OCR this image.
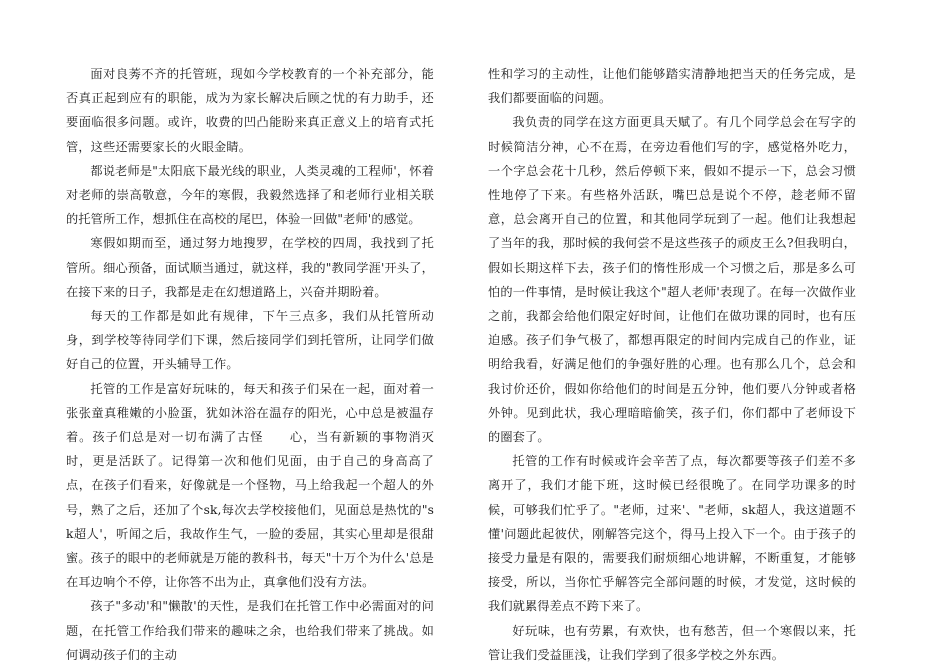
面对良莠不齐的托管班，现如今学校教育的一个补充部分，能否真正起到应有的职能，成为为家长解决后顾之忧的有力助手，还要面临很多问题。或许，收费的凹凸能盼来真正意义上的培育式托管，这些还需要家长的火眼金睛。

都说老师是"太阳底下最光线的职业，人类灵魂的工程师'，怀着对老师的崇高敬意，今年的寒假，我毅然选择了和老师行业相关联的托管所工作，想抓住在高校的尾巴，体验一回做"老师'的感觉。

寒假如期而至，通过努力地搜罗，在学校的四周，我找到了托管所。细心预备，面试顺当通过，就这样，我的"教同学涯'开头了，在接下来的日子，我都是走在幻想道路上，兴奋并期盼着。

每天的工作都是如此有规律，下午三点多，我们从托管所动身，到学校等待同学们下课，然后接同学们到托管所，让同学们做好自己的位置，开头辅导工作。

托管的工作是富好玩味的，每天和孩子们呆在一起，面对着一张张童真稚嫩的小脸蛋，犹如沐浴在温存的阳光，心中总是被温存着。孩子们总是对一切布满了古怪　　心，当有新颖的事物消灭时，更是活跃了。记得第一次和他们见面，由于自己的身高高了点，在孩子们看来，好像就是一个怪物，马上给我起一个超人的外号，熟了之后，还加了个sk,每次去学校接他们，见面总是热忱的"sk超人'，听闻之后，我故作生气，一脸的委屈，其实心里却是很甜蜜。孩子的眼中的老师就是万能的教科书，每天"十万个为什么'总是在耳边响个不停，让你答不出为止，真拿他们没有方法。

孩子"多动'和"懒散'的天性，是我们在托管工作中必需面对的问题，在托管工作给我们带来的趣味之余，也给我们带来了挑战。如何调动孩子们的主动

性和学习的主动性，让他们能够踏实清静地把当天的任务完成，是我们都要面临的问题。

我负责的同学在这方面更具天赋了。有几个同学总会在写字的时候简洁分神，心不在焉，在旁边看他们写的字，感觉格外吃力，一个字总会花十几秒，然后停顿下来，假如不提示一下，总会习惯性地停了下来。有些格外活跃，嘴巴总是说个不停，趁老师不留意，总会离开自己的位置，和其他同学玩到了一起。他们让我想起了当年的我，那时候的我何尝不是这些孩子的顽皮王么?但我明白，假如长期这样下去，孩子们的惰性形成一个习惯之后，那是多么可怕的一件事情，是时候让我这个"超人老师'表现了。在每一次做作业之前，我都会给他们限定好时间，让他们在做功课的同时，也有压迫感。孩子们争气极了，都想再限定的时间内完成自己的作业，证明给我看，好满足他们的争强好胜的心理。也有那么几个，总会和我讨价还价，假如你给他们的时间是五分钟，他们要八分钟或者格外钟。见到此状，我心理暗暗偷笑，孩子们，你们都中了老师设下的圈套了。

托管的工作有时候或许会辛苦了点，每次都要等孩子们差不多离开了，我们才能下班，这时候已经很晚了。在同学功课多的时候，可够我们忙乎了。"老师，过来'、"老师，sk超人，我这道题不懂'问题此起彼伏，刚解答完这个，得马上投入下一个。由于孩子的接受力量是有限的，需要我们耐烦细心地讲解，不断重复，才能够接受，所以，当你忙乎解答完全部问题的时候，才发觉，这时候的我们就累得差点不跨下来了。

好玩味，也有劳累，有欢快，也有愁苦，但一个寒假以来，托管让我们受益匪浅，让我们学到了很多学校之外东西。
